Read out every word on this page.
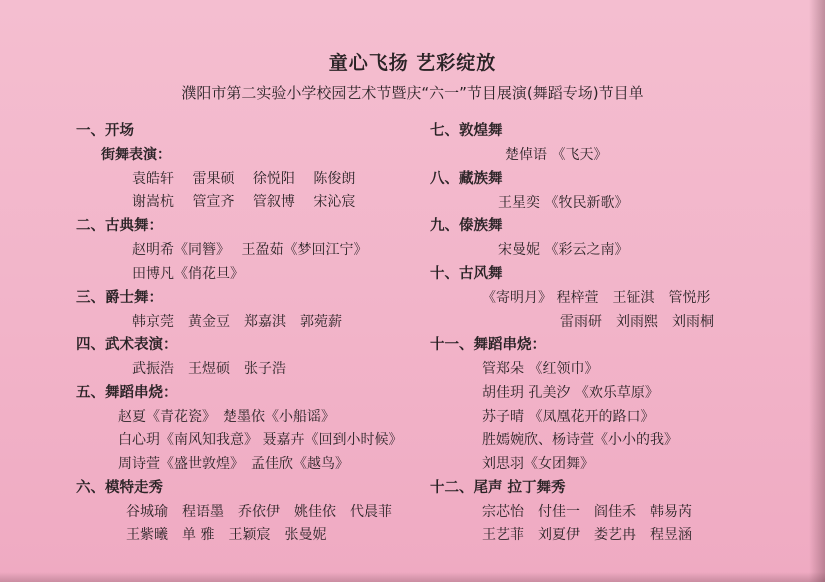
童心飞扬 艺彩绽放
濮阳市第二实验小学校园艺术节暨庆“六一”节目展演(舞蹈专场)节目单
一、开场
街舞表演：
袁皓轩　 雷果硕　 徐悦阳　 陈俊朗
谢嵩杭　 管宣齐　 管叙博　 宋沁宸
二、古典舞：
赵明希《同簪》　 王盈茹《梦回江宁》
田博凡《俏花旦》
三、爵士舞：
韩京莞　黄金豆　郑嘉淇　郭菀薪
四、武术表演：
武振浩　王煜硕　张子浩
五、舞蹈串烧：
赵夏《青花瓷》　楚墨依《小船谣》
白心玥《南风知我意》 聂嘉卉《回到小时候》
周诗萱《盛世敦煌》　孟佳欣《越鸟》
六、模特走秀
谷城瑜　程语墨　乔依伊　姚佳依　代晨菲
王紫曦　单 雅　王颖宸　张曼妮
七、敦煌舞
楚倬语 《飞天》
八、藏族舞
王星奕 《牧民新歌》
九、傣族舞
宋曼妮 《彩云之南》
十、古风舞
《寄明月》 程梓萱　王钲淇　管悦彤
雷雨研　刘雨熙　刘雨桐
十一、舞蹈串烧：
管郑朵 《红领巾》
胡佳玥 孔美汐 《欢乐草原》
苏子晴 《凤凰花开的路口》
胜嫣婉欣、杨诗萱《小小的我》
刘思羽《女团舞》
十二、尾声 拉丁舞秀
宗芯怡　付佳一　阎佳禾　韩易芮
王艺菲　刘夏伊　娄艺冉　程昱涵
